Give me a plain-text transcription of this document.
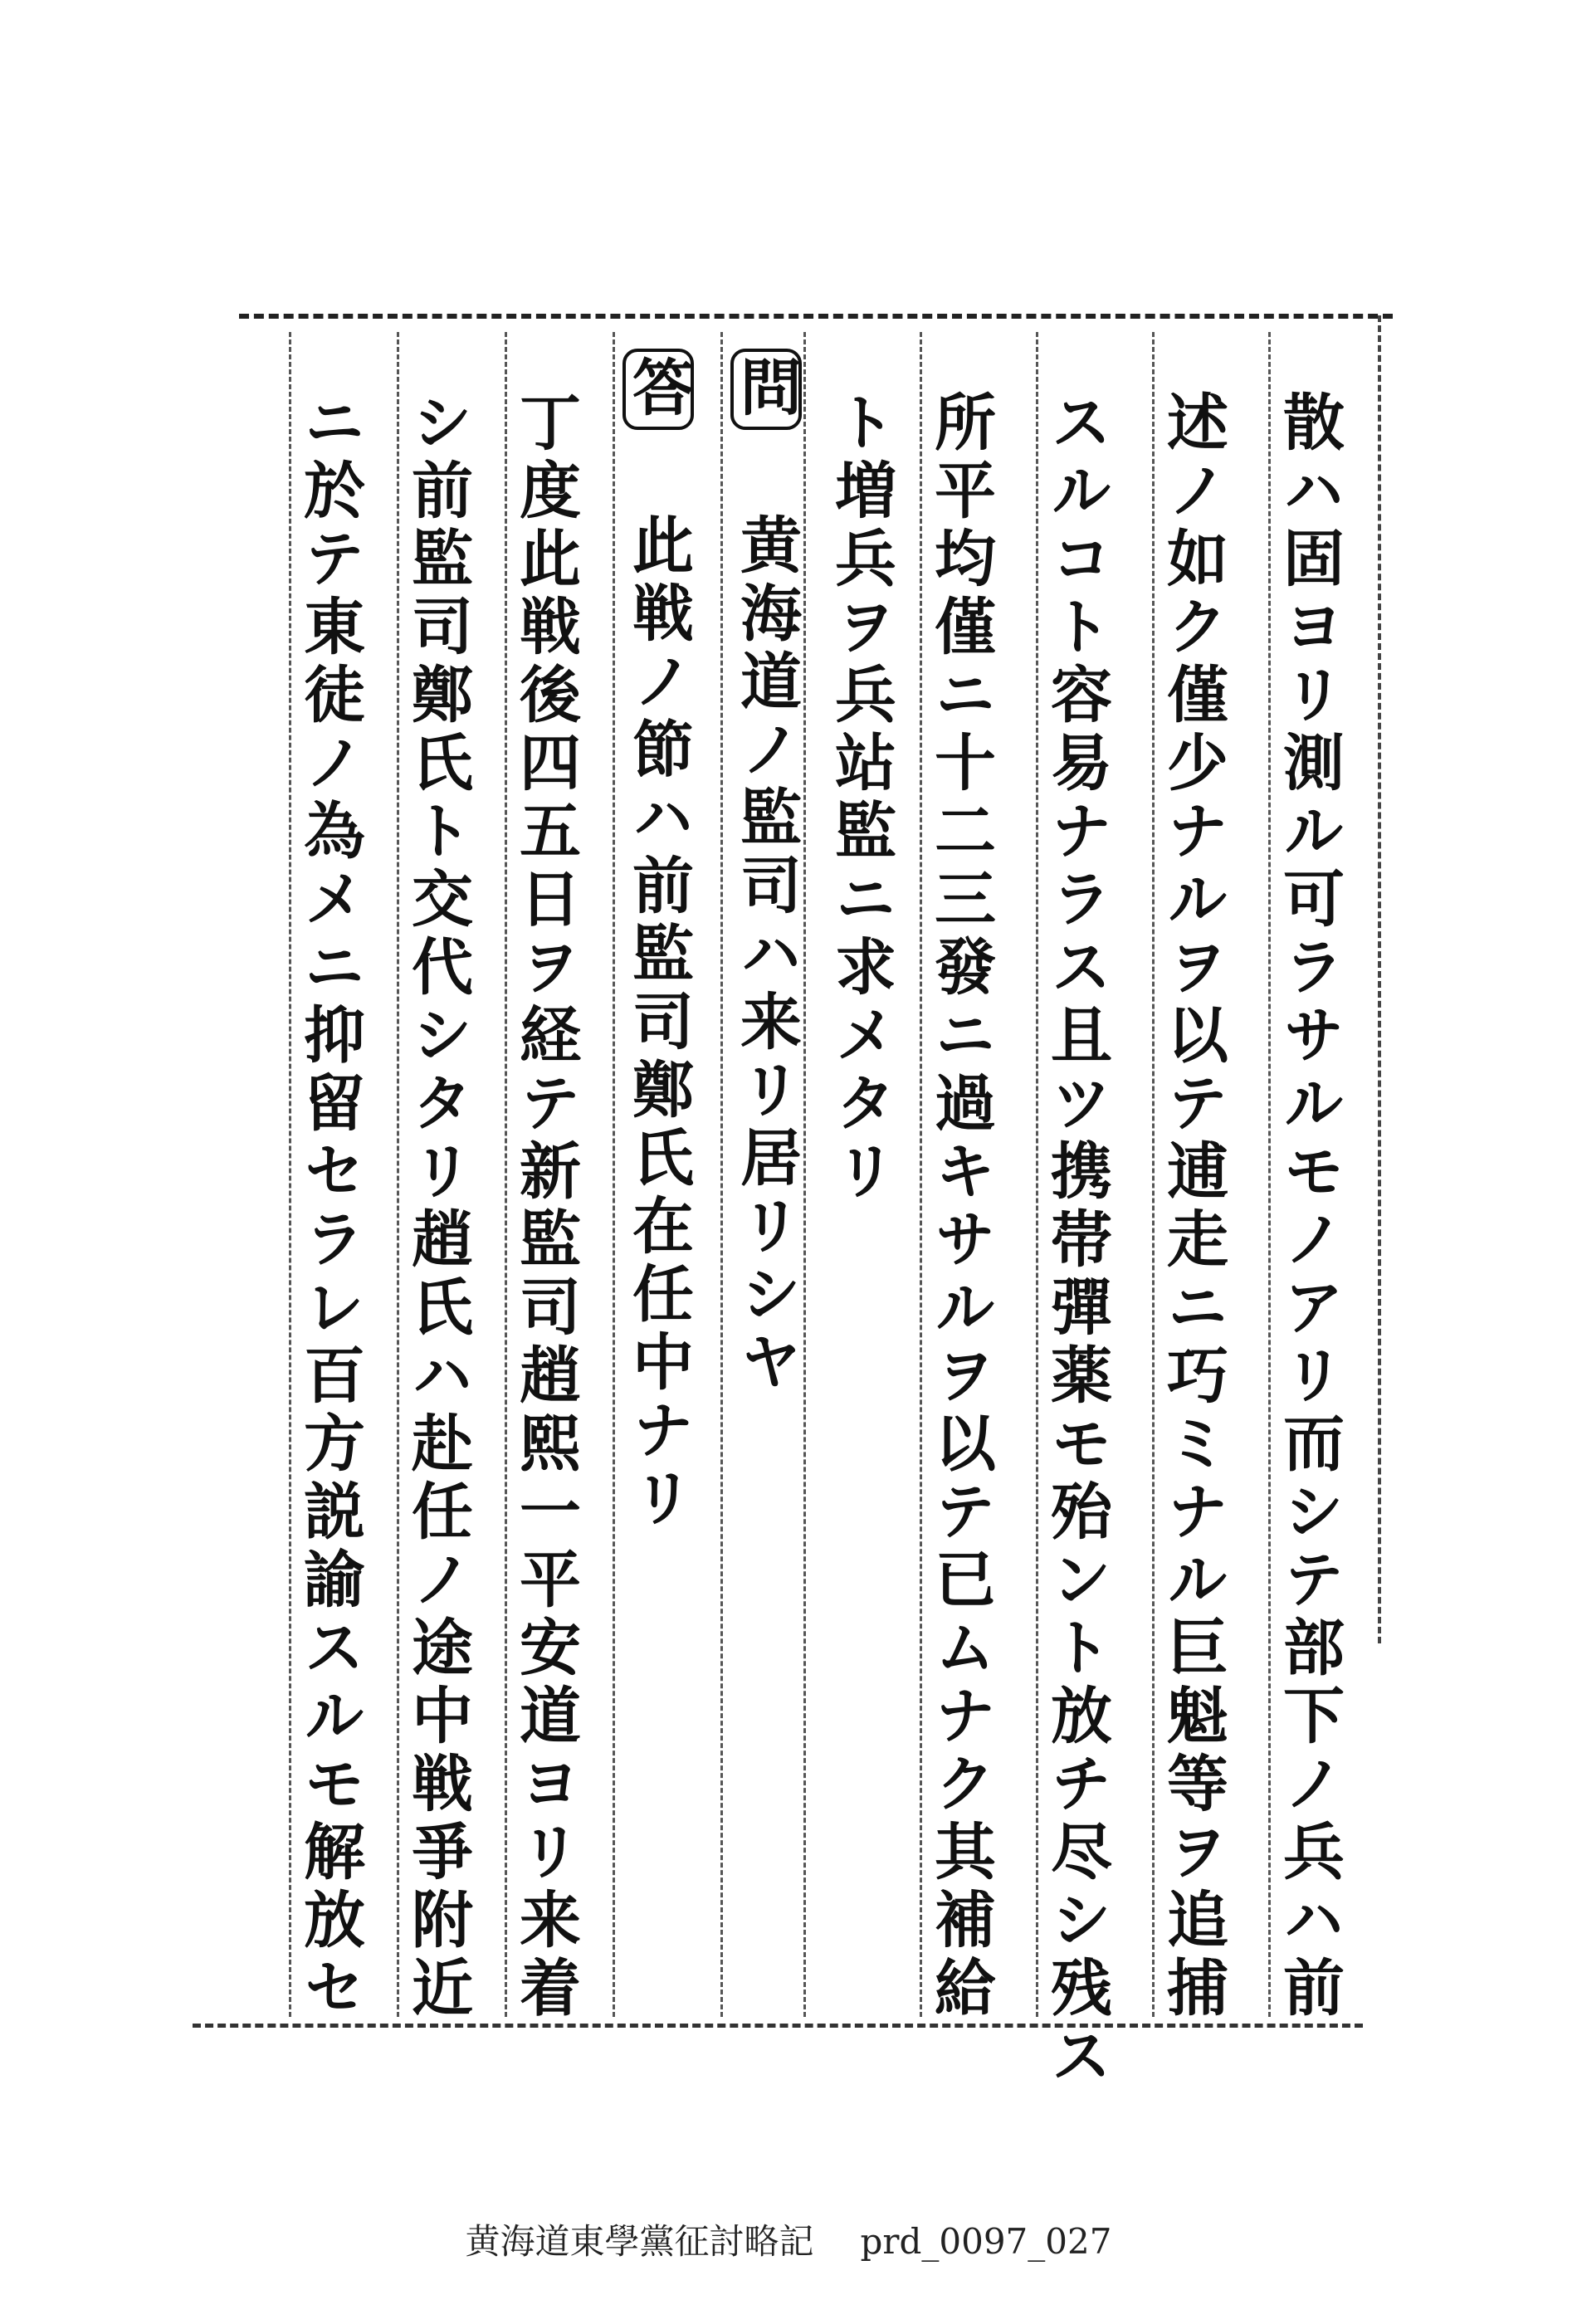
散ハ固ヨリ測ル可ラサルモノアリ而シテ部下ノ兵ハ前
述ノ如ク僅少ナルヲ以テ逋走ニ巧ミナル巨魁等ヲ追捕
スルコト容易ナラス且ツ携帯彈薬モ殆ント放チ尽シ残ス
所平均僅ニ十二三發ニ過キサルヲ以テ已ムナク其補給
ト増兵ヲ兵站監ニ求メタリ
問 黄海道ノ監司ハ来リ居リシヤ
答 此戦ノ節ハ前監司鄭氏在任中ナリ
丁度此戦後四五日ヲ経テ新監司趙熙一平安道ヨリ来着
シ前監司鄭氏ト交代シタリ趙氏ハ赴任ノ途中戦爭附近
ニ於テ東徒ノ為メニ抑留セラレ百方説諭スルモ解放セ
黄海道東學黨征討略記 prd_0097_027
